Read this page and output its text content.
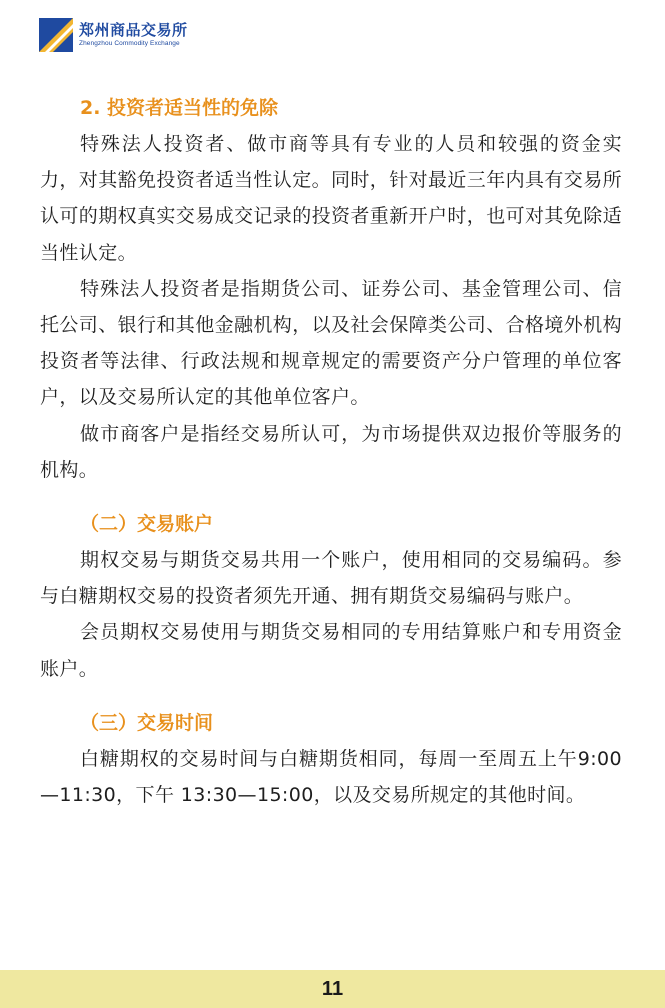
郑州商品交易所
Zhengzhou Commodity Exchange
2. 投资者适当性的免除

特殊法人投资者、做市商等具有专业的人员和较强的资金实力，对其豁免投资者适当性认定。同时，针对最近三年内具有交易所认可的期权真实交易成交记录的投资者重新开户时，也可对其免除适当性认定。

特殊法人投资者是指期货公司、证券公司、基金管理公司、信托公司、银行和其他金融机构，以及社会保障类公司、合格境外机构投资者等法律、行政法规和规章规定的需要资产分户管理的单位客户，以及交易所认定的其他单位客户。

做市商客户是指经交易所认可，为市场提供双边报价等服务的机构。

（二）交易账户

期权交易与期货交易共用一个账户，使用相同的交易编码。参与白糖期权交易的投资者须先开通、拥有期货交易编码与账户。

会员期权交易使用与期货交易相同的专用结算账户和专用资金账户。

（三）交易时间

白糖期权的交易时间与白糖期货相同，每周一至周五上午9:00—11:30，下午 13:30—15:00，以及交易所规定的其他时间。

11
